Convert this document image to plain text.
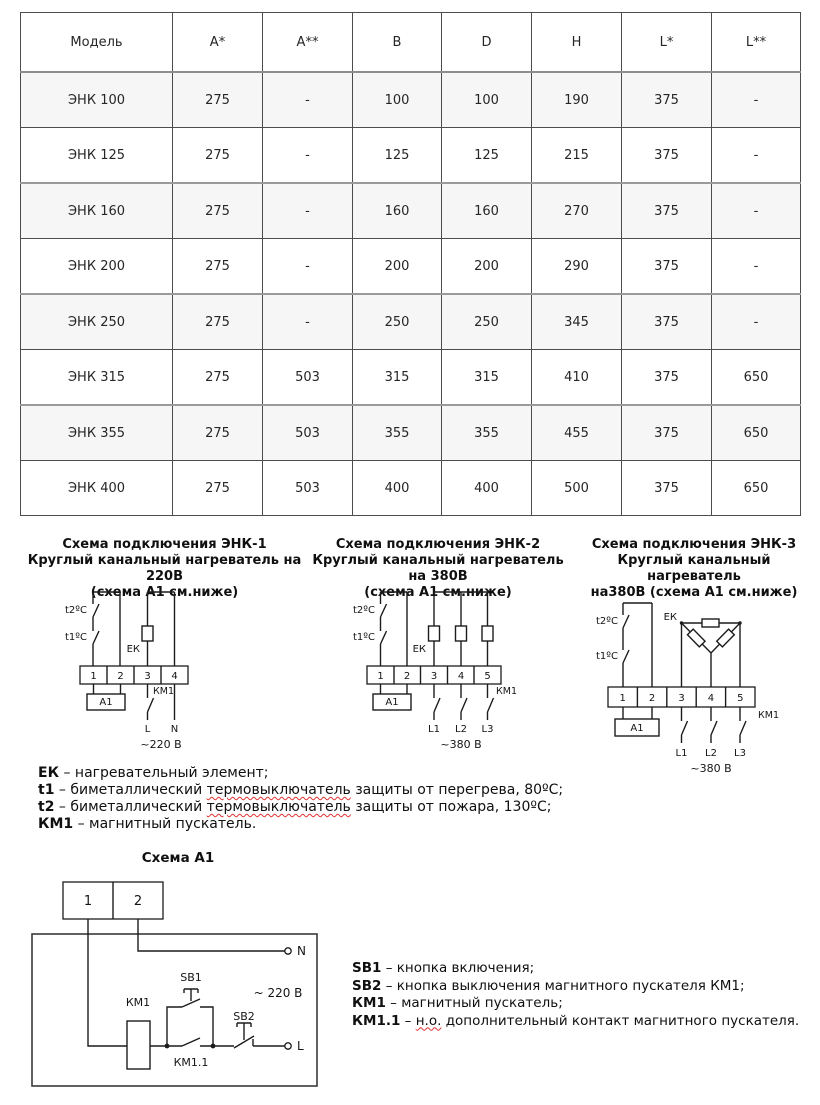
Модель	A*	A**	B	D	H	L*	L**
ЭНК 100	275	-	100	100	190	375	-
ЭНК 125	275	-	125	125	215	375	-
ЭНК 160	275	-	160	160	270	375	-
ЭНК 200	275	-	200	200	290	375	-
ЭНК 250	275	-	250	250	345	375	-
ЭНК 315	275	503	315	315	410	375	650
ЭНК 355	275	503	355	355	455	375	650
ЭНК 400	275	503	400	400	500	375	650
Схема подключения ЭНК-1
Круглый канальный нагреватель на 220В
(схема А1 см.ниже)
Схема подключения ЭНК-2
Круглый канальный нагреватель на 380В
(схема А1 см.ниже)
Схема подключения ЭНК-3
Круглый канальный нагреватель
на380В (схема А1 см.ниже)
t2ºС
t1ºС
ЕК
1 2 3 4
А1
КМ1
L N
~220 В
t2ºС
t1ºС
ЕК
1 2 3 4 5
А1
КМ1
L1 L2 L3
~380 В
t2ºС
t1ºС
ЕК
1 2 3 4 5
А1
КМ1
L1 L2 L3
~380 В
ЕК – нагревательный элемент;
t1 – биметаллический термовыключатель защиты от перегрева, 80ºС;
t2 – биметаллический термовыключатель защиты от пожара, 130ºС;
КМ1 – магнитный пускатель.
Схема А1
1	2
N
L
КМ1
SB1
SB2
КМ1.1
~ 220 В
SB1 – кнопка включения;
SB2 – кнопка выключения магнитного пускателя КМ1;
КМ1 – магнитный пускатель;
КМ1.1 – н.о. дополнительный контакт магнитного пускателя.
